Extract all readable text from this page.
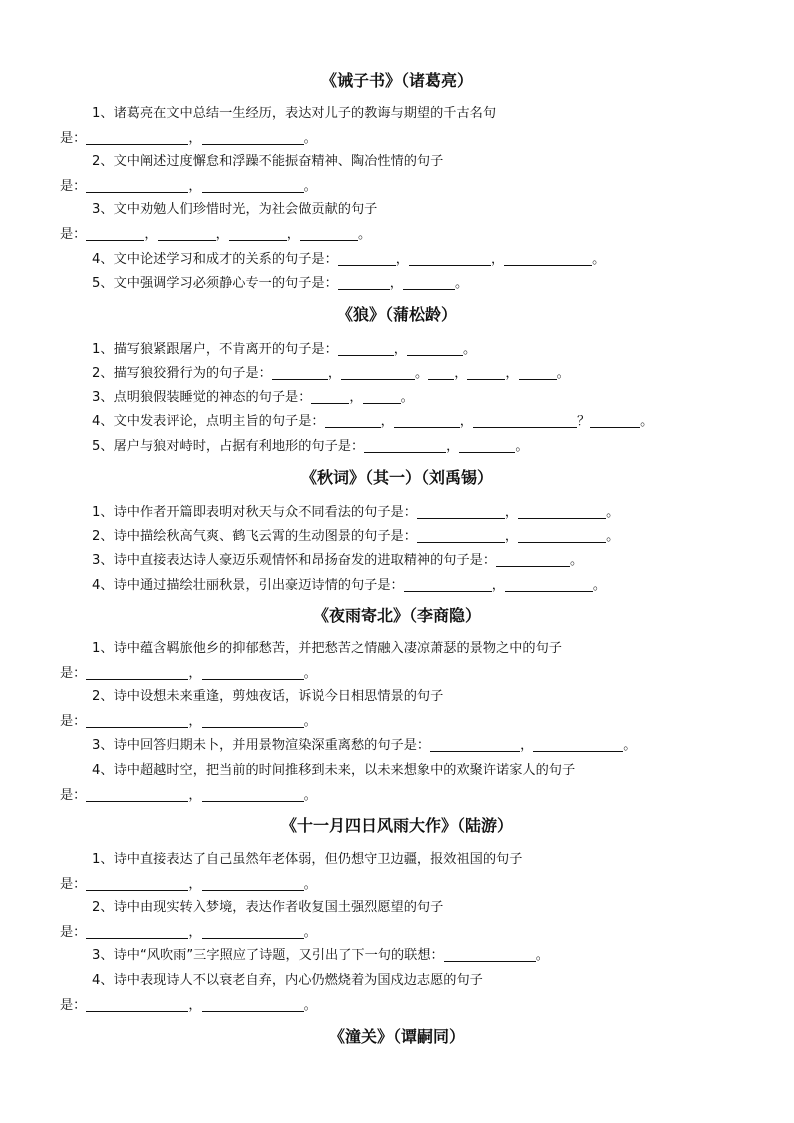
《诫子书》（诸葛亮）
1、诸葛亮在文中总结一生经历，表达对儿子的教诲与期望的千古名句
是：	，	。
2、文中阐述过度懈怠和浮躁不能振奋精神、陶冶性情的句子
是：	，	。
3、文中劝勉人们珍惜时光，为社会做贡献的句子
是：	，	，	，	。
4、文中论述学习和成才的关系的句子是：	，	，	。
5、文中强调学习必须静心专一的句子是：	，	。
《狼》（蒲松龄）
1、描写狼紧跟屠户，不肯离开的句子是：	，	。
2、描写狼狡猾行为的句子是：	，	。 ，	，	。
3、点明狼假装睡觉的神态的句子是：	，	。
4、文中发表评论，点明主旨的句子是：	，	，	？	。
5、屠户与狼对峙时，占据有利地形的句子是：	，	。
《秋词》（其一）（刘禹锡）
1、诗中作者开篇即表明对秋天与众不同看法的句子是：	，	。
2、诗中描绘秋高气爽、鹤飞云霄的生动图景的句子是：	，	。
3、诗中直接表达诗人豪迈乐观情怀和昂扬奋发的进取精神的句子是：	。
4、诗中通过描绘壮丽秋景，引出豪迈诗情的句子是：	，	。
《夜雨寄北》（李商隐）
1、诗中蕴含羁旅他乡的抑郁愁苦，并把愁苦之情融入凄凉萧瑟的景物之中的句子
是：	，	。
2、诗中设想未来重逢，剪烛夜话，诉说今日相思情景的句子
是：	，	。
3、诗中回答归期未卜，并用景物渲染深重离愁的句子是：	，	。
4、诗中超越时空，把当前的时间推移到未来，以未来想象中的欢聚许诺家人的句子
是：	，	。
《十一月四日风雨大作》（陆游）
1、诗中直接表达了自己虽然年老体弱，但仍想守卫边疆，报效祖国的句子
是：	，	。
2、诗中由现实转入梦境，表达作者收复国土强烈愿望的句子
是：	，	。
3、诗中“风吹雨”三字照应了诗题，又引出了下一句的联想：	。
4、诗中表现诗人不以衰老自弃，内心仍燃烧着为国戍边志愿的句子
是：	，	。
《潼关》（谭嗣同）
